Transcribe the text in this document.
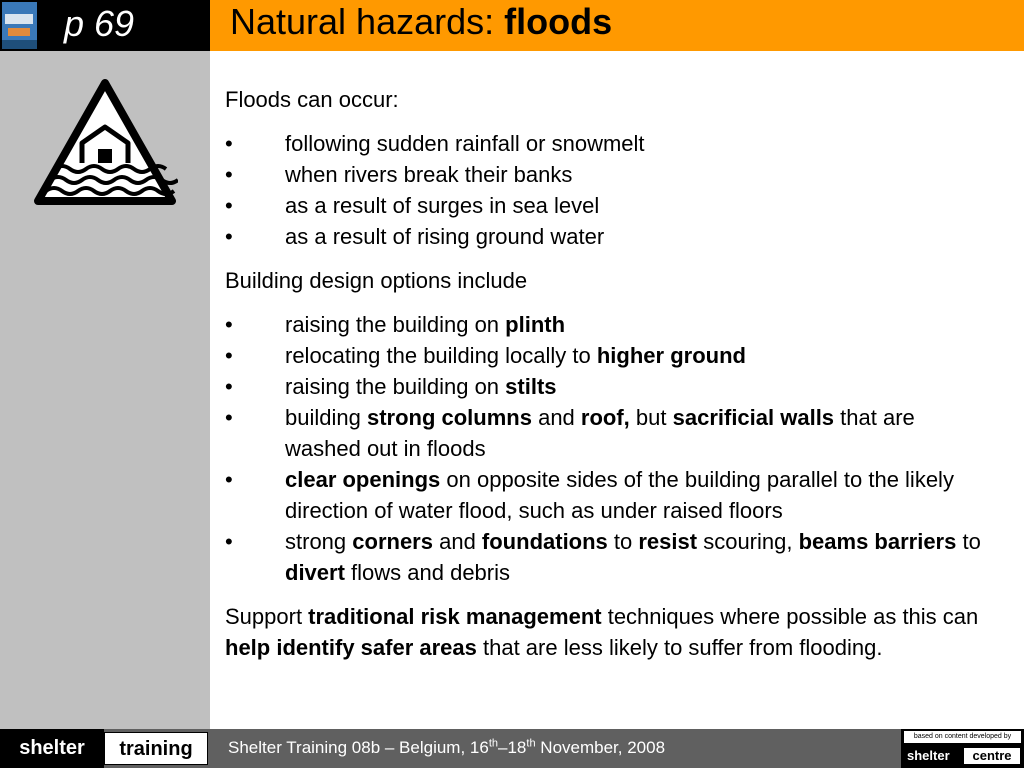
p 69	Natural hazards: floods

Floods can occur:

• following sudden rainfall or snowmelt
• when rivers break their banks
• as a result of surges in sea level
• as a result of rising ground water

Building design options include

• raising the building on plinth
• relocating the building locally to higher ground
• raising the building on stilts
• building strong columns and roof, but sacrificial walls that are washed out in floods
• clear openings on opposite sides of the building parallel to the likely direction of water flood, such as under raised floors
• strong corners and foundations to resist scouring, beams barriers to divert flows and debris

Support traditional risk management techniques where possible as this can help identify safer areas that are less likely to suffer from flooding.

shelter	training	Shelter Training 08b – Belgium, 16th–18th November, 2008
based on content developed by
shelter	centre
